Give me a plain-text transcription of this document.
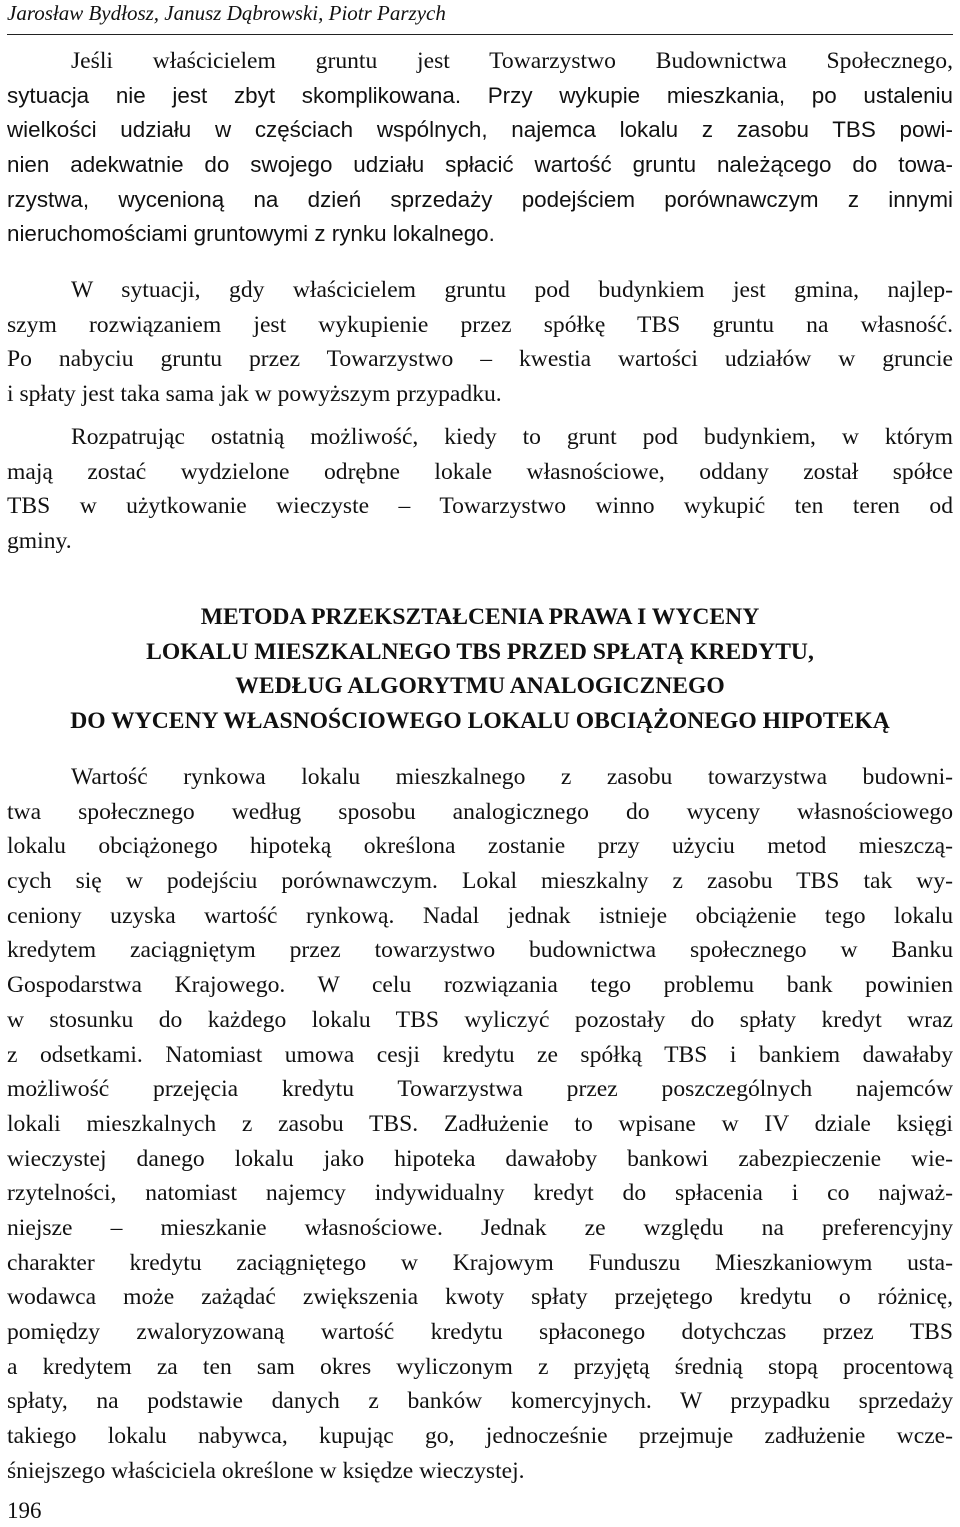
Jarosław Bydłosz, Janusz Dąbrowski, Piotr Parzych
Jeśli właścicielem gruntu jest Towarzystwo Budownictwa Społecznego,
sytuacja nie jest zbyt skomplikowana. Przy wykupie mieszkania, po ustaleniu
wielkości udziału w częściach wspólnych, najemca lokalu z zasobu TBS powi-
nien adekwatnie do swojego udziału spłacić wartość gruntu należącego do towa-
rzystwa, wycenioną na dzień sprzedaży podejściem porównawczym z innymi
nieruchomościami gruntowymi z rynku lokalnego.
W sytuacji, gdy właścicielem gruntu pod budynkiem jest gmina, najlep-
szym rozwiązaniem jest wykupienie przez spółkę TBS gruntu na własność.
Po nabyciu gruntu przez Towarzystwo – kwestia wartości udziałów w gruncie
i spłaty jest taka sama jak w powyższym przypadku.
Rozpatrując ostatnią możliwość, kiedy to grunt pod budynkiem, w którym
mają zostać wydzielone odrębne lokale własnościowe, oddany został spółce
TBS w użytkowanie wieczyste – Towarzystwo winno wykupić ten teren od
gminy.
METODA PRZEKSZTAŁCENIA PRAWA I WYCENY
LOKALU MIESZKALNEGO TBS PRZED SPŁATĄ KREDYTU,
WEDŁUG ALGORYTMU ANALOGICZNEGO
DO WYCENY WŁASNOŚCIOWEGO LOKALU OBCIĄŻONEGO HIPOTEKĄ
Wartość rynkowa lokalu mieszkalnego z zasobu towarzystwa budowni-
twa społecznego według sposobu analogicznego do wyceny własnościowego
lokalu obciążonego hipoteką określona zostanie przy użyciu metod mieszczą-
cych się w podejściu porównawczym. Lokal mieszkalny z zasobu TBS tak wy-
ceniony uzyska wartość rynkową. Nadal jednak istnieje obciążenie tego lokalu
kredytem zaciągniętym przez towarzystwo budownictwa społecznego w Banku
Gospodarstwa Krajowego. W celu rozwiązania tego problemu bank powinien
w stosunku do każdego lokalu TBS wyliczyć pozostały do spłaty kredyt wraz
z odsetkami. Natomiast umowa cesji kredytu ze spółką TBS i bankiem dawałaby
możliwość przejęcia kredytu Towarzystwa przez poszczególnych najemców
lokali mieszkalnych z zasobu TBS. Zadłużenie to wpisane w IV dziale księgi
wieczystej danego lokalu jako hipoteka dawałoby bankowi zabezpieczenie wie-
rzytelności, natomiast najemcy indywidualny kredyt do spłacenia i co najważ-
niejsze – mieszkanie własnościowe. Jednak ze względu na preferencyjny
charakter kredytu zaciągniętego w Krajowym Funduszu Mieszkaniowym usta-
wodawca może zażądać zwiększenia kwoty spłaty przejętego kredytu o różnicę,
pomiędzy zwaloryzowaną wartość kredytu spłaconego dotychczas przez TBS
a kredytem za ten sam okres wyliczonym z przyjętą średnią stopą procentową
spłaty, na podstawie danych z banków komercyjnych. W przypadku sprzedaży
takiego lokalu nabywca, kupując go, jednocześnie przejmuje zadłużenie wcze-
śniejszego właściciela określone w księdze wieczystej.
196
